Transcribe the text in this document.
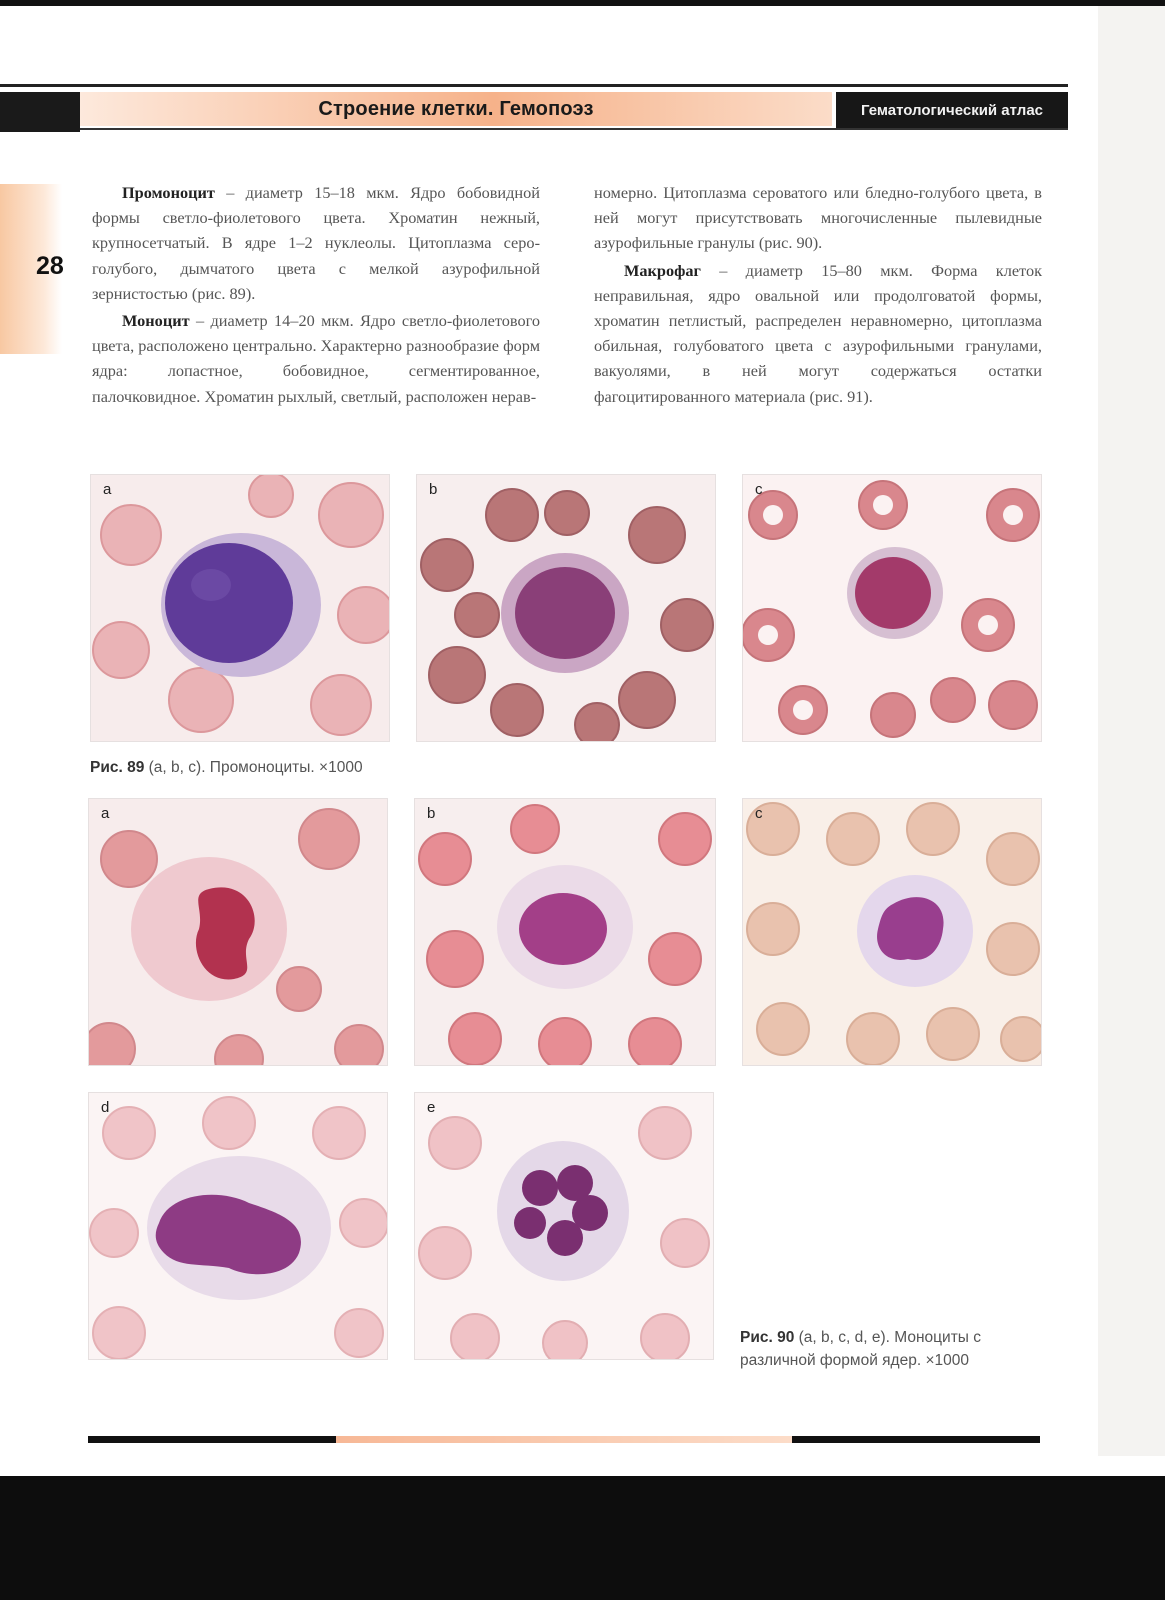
Строение клетки. Гемопоэз	Гематологический атлас
28

Промоноцит – диаметр 15–18 мкм. Ядро бобовидной формы светло-фиолетового цвета. Хроматин нежный, крупносетчатый. В ядре 1–2 нуклеолы. Цитоплазма серо-голубого, дымчатого цвета с мелкой азурофильной зернистостью (рис. 89).

Моноцит – диаметр 14–20 мкм. Ядро светло-фиолетового цвета, расположено центрально. Характерно разнообразие форм ядра: лопастное, бобовидное, сегментированное, палочковидное. Хроматин рыхлый, светлый, расположен нерав-

номерно. Цитоплазма сероватого или бледно-голубого цвета, в ней могут присутствовать многочисленные пылевидные азурофильные гранулы (рис. 90).

Макрофаг – диаметр 15–80 мкм. Форма клеток неправильная, ядро овальной или продолговатой формы, хроматин петлистый, распределен неравномерно, цитоплазма обильная, голубоватого цвета с азурофильными гранулами, вакуолями, в ней могут содержаться остатки фагоцитированного материала (рис. 91).

a	b	c
Рис. 89 (a, b, c). Промоноциты. ×1000
a	b	c
d	e
Рис. 90 (a, b, c, d, e). Моноциты с различной формой ядер. ×1000
